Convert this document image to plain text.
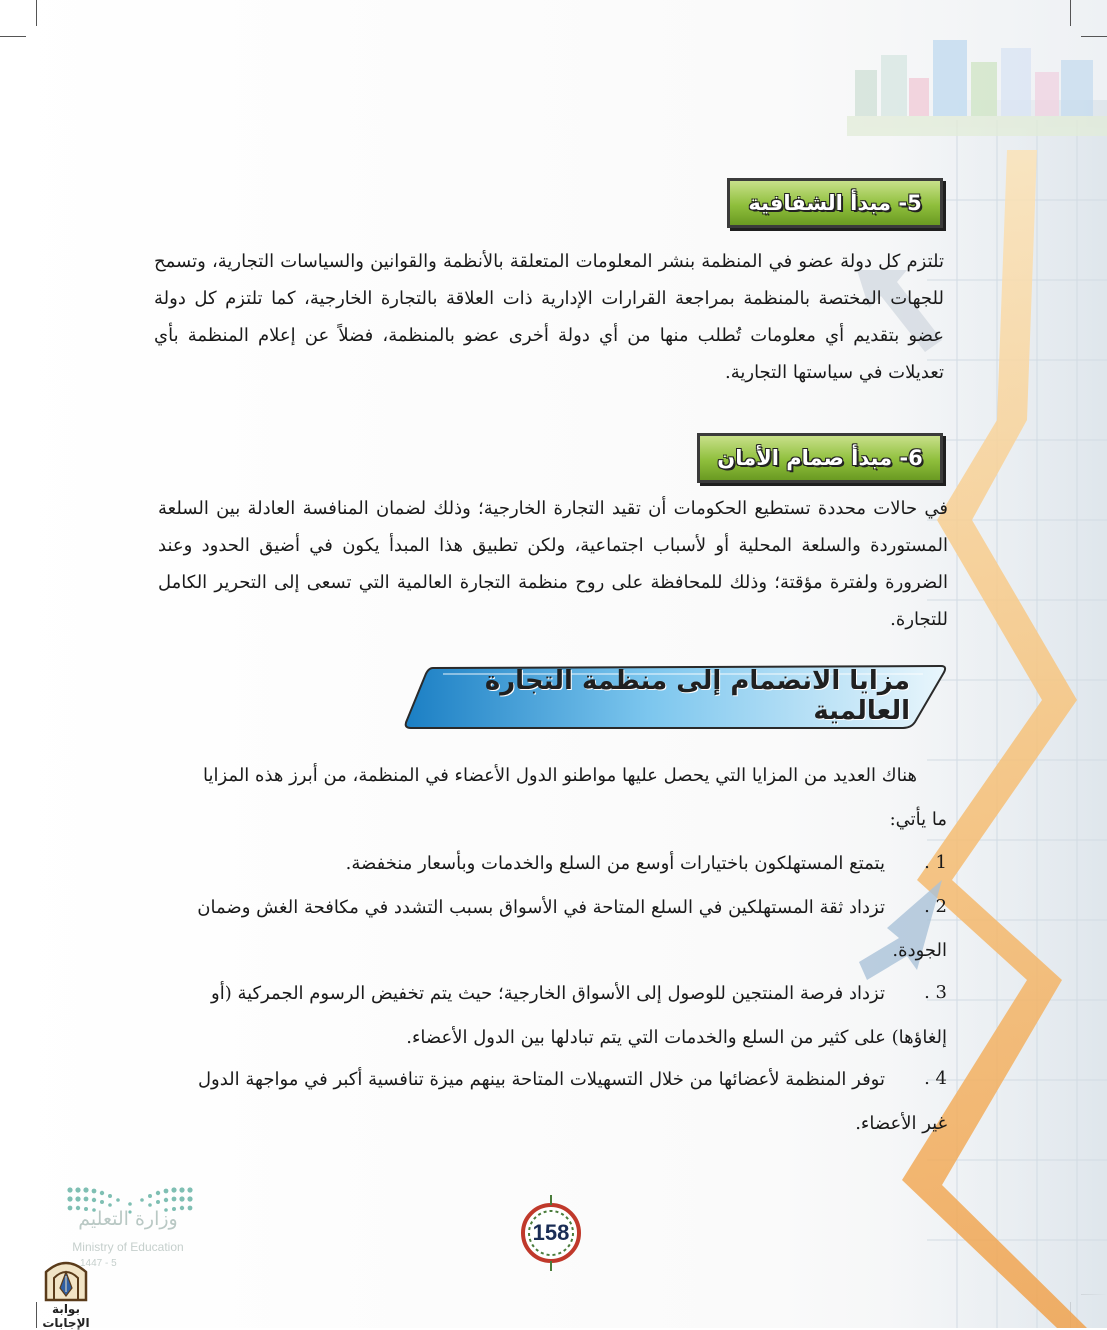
5- مبدأ الشفافية

تلتزم كل دولة عضو في المنظمة بنشر المعلومات المتعلقة بالأنظمة والقوانين والسياسات التجارية، وتسمح للجهات المختصة بالمنظمة بمراجعة القرارات الإدارية ذات العلاقة بالتجارة الخارجية، كما تلتزم كل دولة عضو بتقديم أي معلومات تُطلب منها من أي دولة أخرى عضو بالمنظمة، فضلاً عن إعلام المنظمة بأي تعديلات في سياستها التجارية.

6- مبدأ صمام الأمان

في حالات محددة تستطيع الحكومات أن تقيد التجارة الخارجية؛ وذلك لضمان المنافسة العادلة بين السلعة المستوردة والسلعة المحلية أو لأسباب اجتماعية، ولكن تطبيق هذا المبدأ يكون في أضيق الحدود وعند الضرورة ولفترة مؤقتة؛ وذلك للمحافظة على روح منظمة التجارة العالمية التي تسعى إلى التحرير الكامل للتجارة.

مزايا الانضمام إلى منظمة التجارة العالمية
هناك العديد من المزايا التي يحصل عليها مواطنو الدول الأعضاء في المنظمة، من أبرز هذه المزايا
ما يأتي:
1 .
يتمتع المستهلكون باختيارات أوسع من السلع والخدمات وبأسعار منخفضة.
2 .
تزداد ثقة المستهلكين في السلع المتاحة في الأسواق بسبب التشدد في مكافحة الغش وضمان
الجودة.
3 .
تزداد فرصة المنتجين للوصول إلى الأسواق الخارجية؛ حيث يتم تخفيض الرسوم الجمركية (أو
إلغاؤها) على كثير من السلع والخدمات التي يتم تبادلها بين الدول الأعضاء.
4 .
توفر المنظمة لأعضائها من خلال التسهيلات المتاحة بينهم ميزة تنافسية أكبر في مواجهة الدول
غير الأعضاء.
وزارة التعليم
Ministry of Education
5 - 1447
158
بوابة الإجابات
